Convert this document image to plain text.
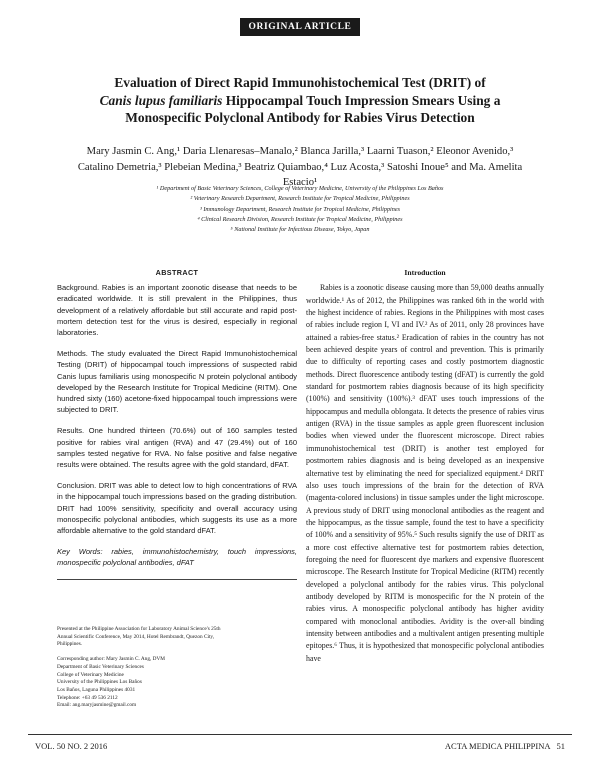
ORIGINAL ARTICLE
Evaluation of Direct Rapid Immunohistochemical Test (DRIT) of
Canis lupus familiaris Hippocampal Touch Impression Smears Using a
Monospecific Polyclonal Antibody for Rabies Virus Detection
Mary Jasmin C. Ang,¹ Daria Llenaresas–Manalo,² Blanca Jarilla,³ Laarni Tuason,² Eleonor Avenido,³
Catalino Demetria,³ Plebeian Medina,³ Beatriz Quiambao,⁴ Luz Acosta,³ Satoshi Inoue⁵ and Ma. Amelita Estacio¹
¹ Department of Basic Veterinary Sciences, College of Veterinary Medicine, University of the Philippines Los Baños
² Veterinary Research Department, Research Institute for Tropical Medicine, Philippines
³ Immunology Department, Research Institute for Tropical Medicine, Philippines
⁴ Clinical Research Division, Research Institute for Tropical Medicine, Philippines
⁵ National Institute for Infectious Disease, Tokyo, Japan
ABSTRACT

Background. Rabies is an important zoonotic disease that needs to be eradicated worldwide. It is still prevalent in the Philippines, thus development of a relatively affordable but still accurate and rapid post-mortem detection test for the virus is desired, especially in regional laboratories.

Methods. The study evaluated the Direct Rapid Immunohistochemical Testing (DRIT) of hippocampal touch impressions of suspected rabid Canis lupus familiaris using monospecific N protein polyclonal antibody developed by the Research Institute for Tropical Medicine (RITM). One hundred sixty (160) acetone-fixed hippocampal touch impressions were subjected to DRIT.

Results. One hundred thirteen (70.6%) out of 160 samples tested positive for rabies viral antigen (RVA) and 47 (29.4%) out of 160 samples tested negative for RVA. No false positive and false negative results were obtained. The results agree with the gold standard, dFAT.

Conclusion. DRIT was able to detect low to high concentrations of RVA in the hippocampal touch impressions based on the grading distribution. DRIT had 100% sensitivity, specificity and overall accuracy using monospecific polyclonal antibodies, which suggests its use as a more affordable alternative to the gold standard dFAT.

Key Words: rabies, immunohistochemistry, touch impressions, monospecific polyclonal antibodies, dFAT

Presented at the Philippine Association for Laboratory Animal Science's 25th
Annual Scientific Conference, May 2014, Hotel Rembrandt, Quezon City,
Philippines.
Corresponding author: Mary Jasmin C. Ang, DVM
Department of Basic Veterinary Sciences
College of Veterinary Medicine
University of the Philippines Los Baños
Los Baños, Laguna Philippines 4031
Telephone: +63 49 536 2112
Email: ang.maryjasmine@gmail.com
Introduction

Rabies is a zoonotic disease causing more than 59,000 deaths annually worldwide.¹ As of 2012, the Philippines was ranked 6th in the world with the highest incidence of rabies. Regions in the Philippines with most cases of rabies include region I, VI and IV.² As of 2011, only 28 provinces have attained a rabies-free status.² Eradication of rabies in the country has not been achieved despite years of control and prevention. This is primarily due to difficulty of reporting cases and costly postmortem diagnostic methods. Direct fluorescence antibody testing (dFAT) is currently the gold standard for postmortem rabies diagnosis because of its high specificity (100%) and sensitivity (100%).³ dFAT uses touch impressions of the hippocampus and medulla oblongata. It detects the presence of rabies virus antigen (RVA) in the tissue samples as apple green fluorescent inclusion bodies when viewed under the fluorescent microscope. Direct rabies immunohistochemical test (DRIT) is another test employed for postmortem rabies diagnosis and is being developed as an inexpensive alternative test by eliminating the need for specialized equipment.⁴ DRIT also uses touch impressions of the brain for the detection of RVA (magenta-colored inclusions) in tissue samples under the light microscope. A previous study of DRIT using monoclonal antibodies as the reagent and the hippocampus, as the tissue sample, found the test to have a specificity of 100% and a sensitivity of 95%.⁵ Such results signify the use of DRIT as a more cost effective alternative test for postmortem rabies detection, foregoing the need for fluorescent dye markers and expensive fluorescent microscope. The Research Institute for Tropical Medicine (RITM) recently developed a polyclonal antibody for the rabies virus. This polyclonal antibody developed by RITM is monospecific for the N protein of the rabies virus. A monospecific polyclonal antibody has higher avidity compared with monoclonal antibodies. Avidity is the over-all binding intensity between antibodies and a multivalent antigen presenting multiple epitopes.⁶ Thus, it is hypothesized that monospecific polyclonal antibodies have

VOL. 50 NO. 2 2016	ACTA MEDICA PHILIPPINA 51
